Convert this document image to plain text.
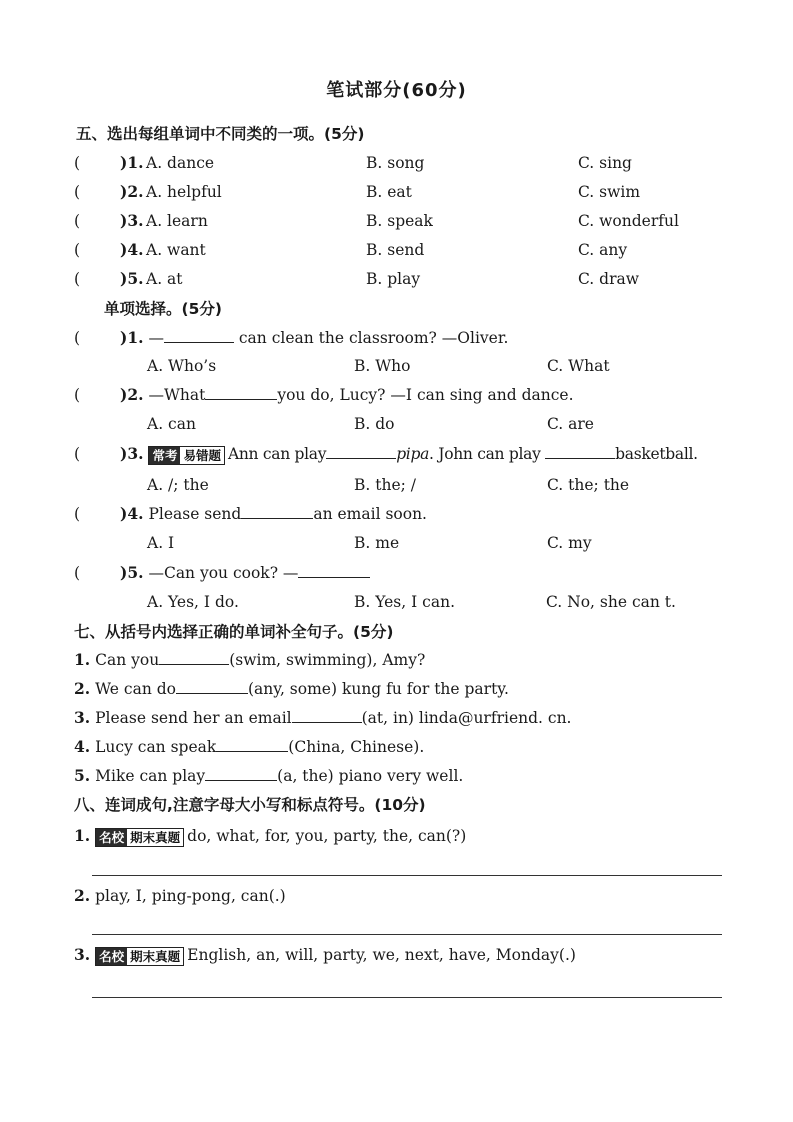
笔试部分(60分)
五、选出每组单词中不同类的一项。(5分)
(	)1. A. dance	B. song	C. sing
(	)2. A. helpful	B. eat	C. swim
(	)3. A. learn	B. speak	C. wonderful
(	)4. A. want	B. send	C. any
(	)5. A. at	B. play	C. draw
单项选择。(5分)
(	)1. —	can clean the classroom? —Oliver.
A. Who’s	B. Who	C. What
(	)2. —What	you do, Lucy? —I can sing and dance.
A. can	B. do	C. are
(	)3. 常考 易错题 Ann can play	pipa. John can play	basketball.
A. /; the	B. the; /	C. the; the
(	)4. Please send	an email soon.
A. I	B. me	C. my
(	)5. —Can you cook? —
A. Yes, I do.	B. Yes, I can.	C. No, she can t.
七、从括号内选择正确的单词补全句子。(5分)
1. Can you	(swim, swimming), Amy?
2. We can do	(any, some) kung fu for the party.
3. Please send her an email	(at, in) linda@urfriend. cn.
4. Lucy can speak	(China, Chinese).
5. Mike can play	(a, the) piano very well.
八、连词成句,注意字母大小写和标点符号。(10分)
1. 名校 期末真题 do, what, for, you, party, the, can(?)
2. play, I, ping-pong, can(.)
3. 名校 期末真题 English, an, will, party, we, next, have, Monday(.)
